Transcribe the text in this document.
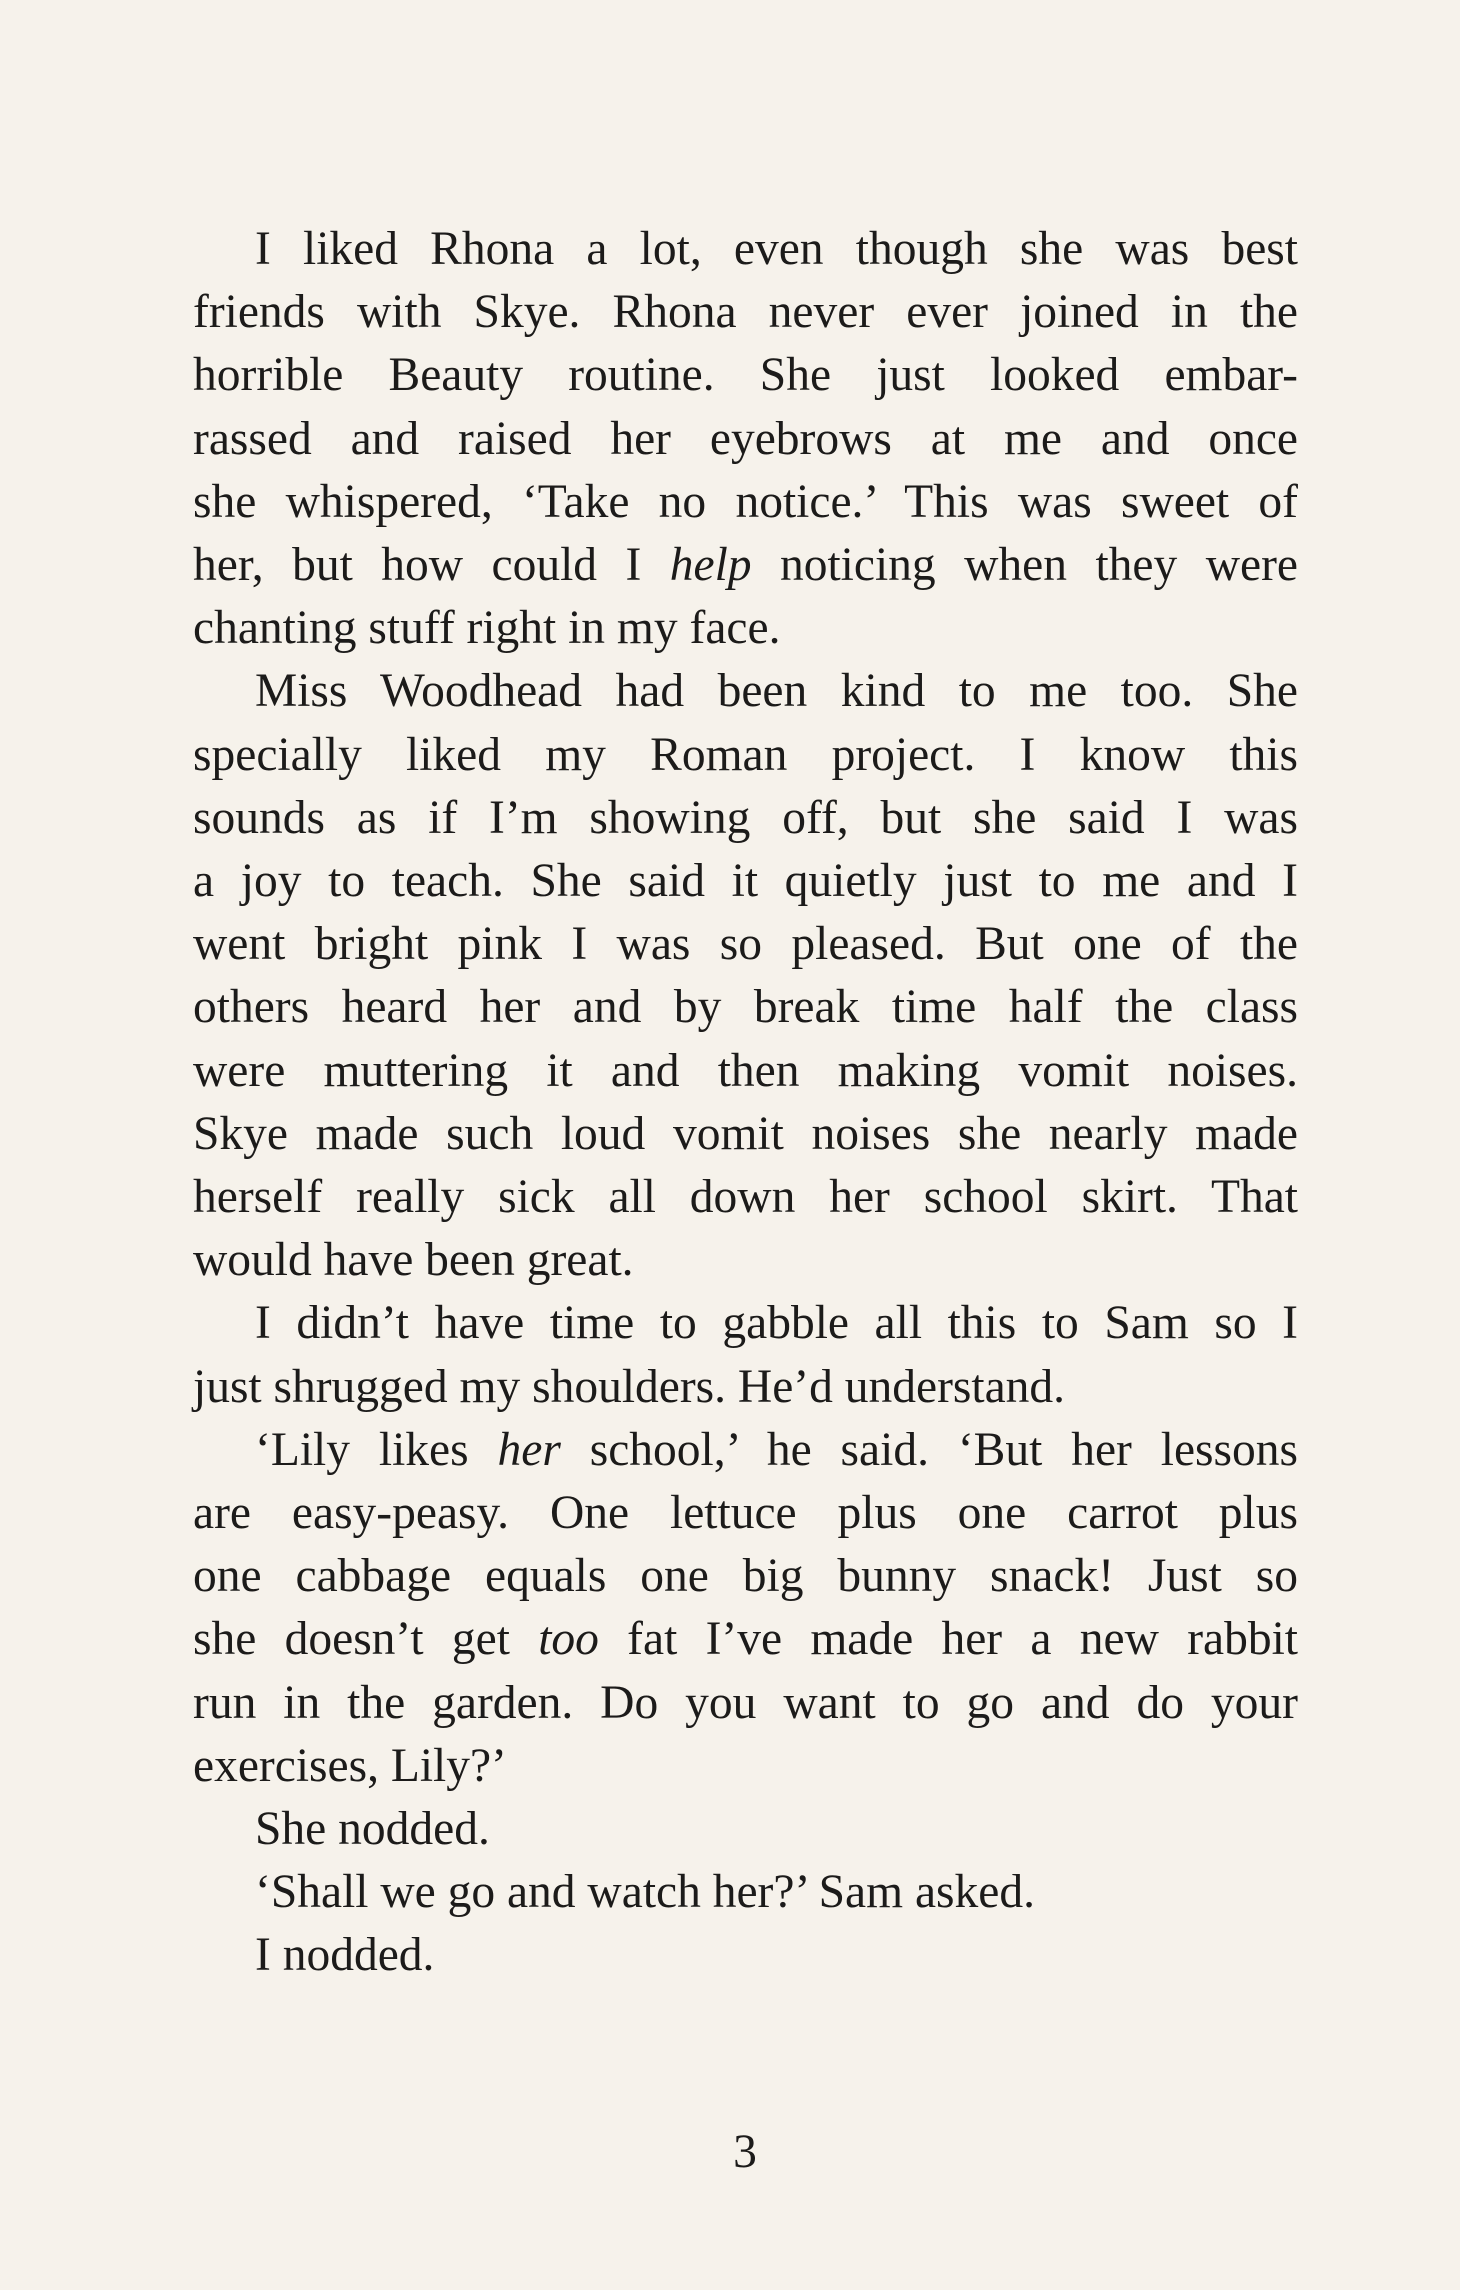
I liked Rhona a lot, even though she was best
friends with Skye. Rhona never ever joined in the
horrible Beauty routine. She just looked embar-
rassed and raised her eyebrows at me and once
she whispered, ‘Take no notice.’ This was sweet of
her, but how could I help noticing when they were
chanting stuff right in my face.
Miss Woodhead had been kind to me too. She
specially liked my Roman project. I know this
sounds as if I’m showing off, but she said I was
a joy to teach. She said it quietly just to me and I
went bright pink I was so pleased. But one of the
others heard her and by break time half the class
were muttering it and then making vomit noises.
Skye made such loud vomit noises she nearly made
herself really sick all down her school skirt. That
would have been great.
I didn’t have time to gabble all this to Sam so I
just shrugged my shoulders. He’d understand.
‘Lily likes her school,’ he said. ‘But her lessons
are easy-peasy. One lettuce plus one carrot plus
one cabbage equals one big bunny snack! Just so
she doesn’t get too fat I’ve made her a new rabbit
run in the garden. Do you want to go and do your
exercises, Lily?’
She nodded.
‘Shall we go and watch her?’ Sam asked.
I nodded.
3
